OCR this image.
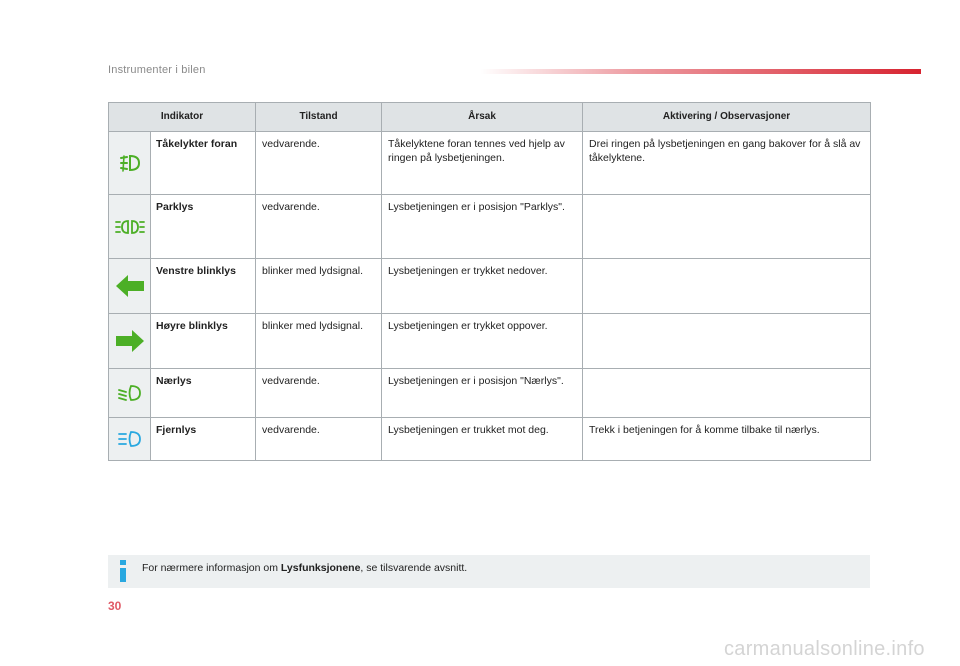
Instrumenter i bilen
Indikator		Tilstand	Årsak	Aktivering / Observasjoner
	Tåkelykter foran	vedvarende.	Tåkelyktene foran tennes ved hjelp av ringen på lysbetjeningen.	Drei ringen på lysbetjeningen en gang bakover for å slå av tåkelyktene.
	Parklys	vedvarende.	Lysbetjeningen er i posisjon "Parklys".	
	Venstre blinklys	blinker med lydsignal.	Lysbetjeningen er trykket nedover.	
	Høyre blinklys	blinker med lydsignal.	Lysbetjeningen er trykket oppover.	
	Nærlys	vedvarende.	Lysbetjeningen er i posisjon "Nærlys".	
	Fjernlys	vedvarende.	Lysbetjeningen er trukket mot deg.	Trekk i betjeningen for å komme tilbake til nærlys.
For nærmere informasjon om Lysfunksjonene, se tilsvarende avsnitt.
30
carmanualsonline.info
